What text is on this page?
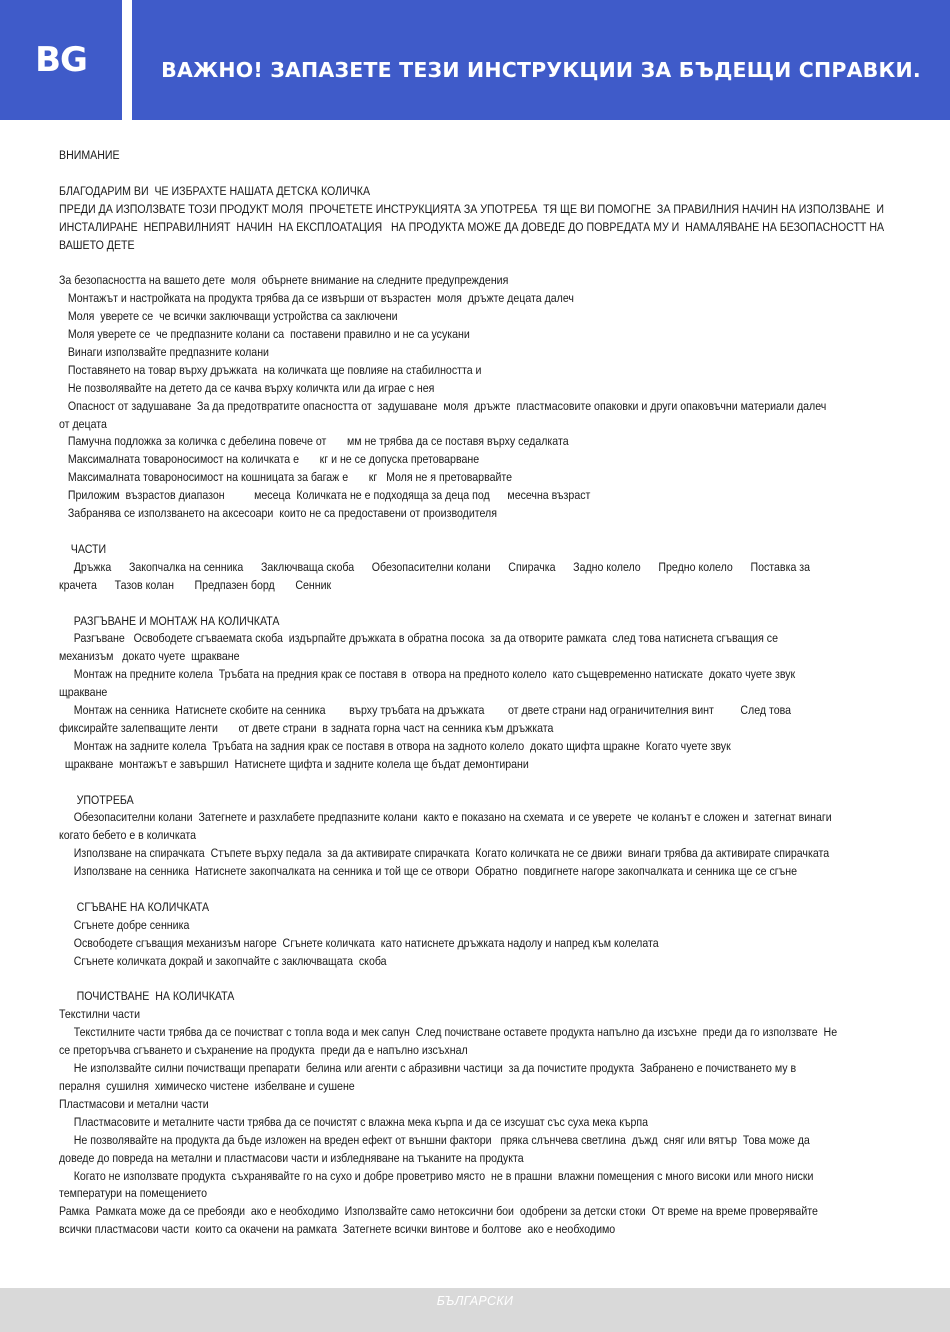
BG	ВАЖНО! ЗАПАЗЕТЕ ТЕЗИ ИНСТРУКЦИИ ЗА БЪДЕЩИ СПРАВКИ.

ВНИМАНИЕ

БЛАГОДАРИМ ВИ  ЧЕ ИЗБРАХТЕ НАШАТА ДЕТСКА КОЛИЧКА

ПРЕДИ ДА ИЗПОЛЗВАТЕ ТОЗИ ПРОДУКТ МОЛЯ  ПРОЧЕТЕТЕ ИНСТРУКЦИЯТА ЗА УПОТРЕБА  ТЯ ЩЕ ВИ ПОМОГНЕ  ЗА ПРАВИЛНИЯ НАЧИН НА ИЗПОЛЗВАНЕ  И

ИНСТАЛИРАНЕ  НЕПРАВИЛНИЯТ  НАЧИН  НА ЕКСПЛОАТАЦИЯ   НА ПРОДУКТА МОЖЕ ДА ДОВЕДЕ ДО ПОВРЕДАТА МУ И  НАМАЛЯВАНЕ НА БЕЗОПАСНОСТТ НА

ВАШЕТО ДЕТЕ

За безопасността на вашето дете  моля  обърнете внимание на следните предупреждения

Монтажът и настройката на продукта трябва да се извърши от възрастен  моля  дръжте децата далеч

Моля  уверете се  че всички заключващи устройства са заключени

Моля уверете се  че предпазните колани са  поставени правилно и не са усукани

Винаги използвайте предпазните колани

Поставянето на товар върху дръжката  на количката ще повлияе на стабилността и

Не позволявайте на детето да се качва върху количкта или да играе с нея

Опасност от задушаване  За да предотвратите опасността от  задушаване  моля  дръжте  пластмасовите опаковки и други опаковъчни материали далеч

от децата

Памучна подложка за количка с дебелина повече от       мм не трябва да се поставя върху седалката

Максималната товароносимост на количката е       кг и не се допуска претоварване

Максималната товароносимост на кошницата за багаж е       кг   Моля не я претоварвайте

Приложим  възрастов диапазон          месеца  Количката не е подходяща за деца под      месечна възраст

Забранява се използването на аксесоари  които не са предоставени от производителя

ЧАСТИ

Дръжка      Закопчалка на сенника      Заключваща скоба      Обезопасителни колани      Спирачка      Задно колело      Предно колело      Поставка за

крачета      Тазов колан       Предпазен борд       Сенник

РАЗГЪВАНЕ И МОНТАЖ НА КОЛИЧКАТА

Разгъване   Освободете сгъваемата скоба  издърпайте дръжката в обратна посока  за да отворите рамката  след това натиснета сгъващия се

механизъм   докато чуете  щракване

Монтаж на предните колела  Тръбата на предния крак се поставя в  отвора на предното колело  като същевременно натискате  докато чуете звук

щракване

Монтаж на сенника  Натиснете скобите на сенника        върху тръбата на дръжката        от двете страни над ограничителния винт         След това

фиксирайте залепващите ленти       от двете страни  в задната горна част на сенника към дръжката

Монтаж на задните колела  Тръбата на задния крак се поставя в отвора на задното колело  докато щифта щракне  Когато чуете звук

щракване  монтажът е завършил  Натиснете щифта и задните колела ще бъдат демонтирани

УПОТРЕБА

Обезопасителни колани  Затегнете и разхлабете предпазните колани  както е показано на схемата  и се уверете  че коланът е сложен и  затегнат винаги

когато бебето е в количката

Използване на спирачката  Стъпете върху педала  за да активирате спирачката  Когато количката не се движи  винаги трябва да активирате спирачката

Използване на сенника  Натиснете закопчалката на сенника и той ще се отвори  Обратно  повдигнете нагоре закопчалката и сенника ще се сгъне

СГЪВАНЕ НА КОЛИЧКАТА

Сгънете добре сенника

Освободете сгъващия механизъм нагоре  Сгънете количката  като натиснете дръжката надолу и напред към колелата

Сгънете количката докрай и закопчайте с заключващата  скоба

ПОЧИСТВАНЕ  НА КОЛИЧКАТА

Текстилни части

Текстилните части трябва да се почистват с топла вода и мек сапун  След почистване оставете продукта напълно да изсъхне  преди да го използвате  Не

се преторъчва сгъването и съхранение на продукта  преди да е напълно изсъхнал

Не използвайте силни почистващи препарати  белина или агенти с абразивни частици  за да почистите продукта  Забранено е почистването му в

пералня  сушилня  химическо чистене  избелване и сушене

Пластмасови и метални части

Пластмасовите и металните части трябва да се почистят с влажна мека кърпа и да се изсушат със суха мека кърпа

Не позволявайте на продукта да бъде изложен на вреден ефект от външни фактори   пряка слънчева светлина  дъжд  сняг или вятър  Това може да

доведе до повреда на метални и пластмасови части и избледняване на тъканите на продукта

Когато не използвате продукта  съхранявайте го на сухо и добре проветриво място  не в прашни  влажни помещения с много високи или много ниски

температури на помещението

Рамка  Рамката може да се пребояди  ако е необходимо  Използвайте само нетоксични бои  одобрени за детски стоки  От време на време проверявайте

всички пластмасови части  които са окачени на рамката  Затегнете всички винтове и болтове  ако е необходимо

БЪЛГАРСКИ
